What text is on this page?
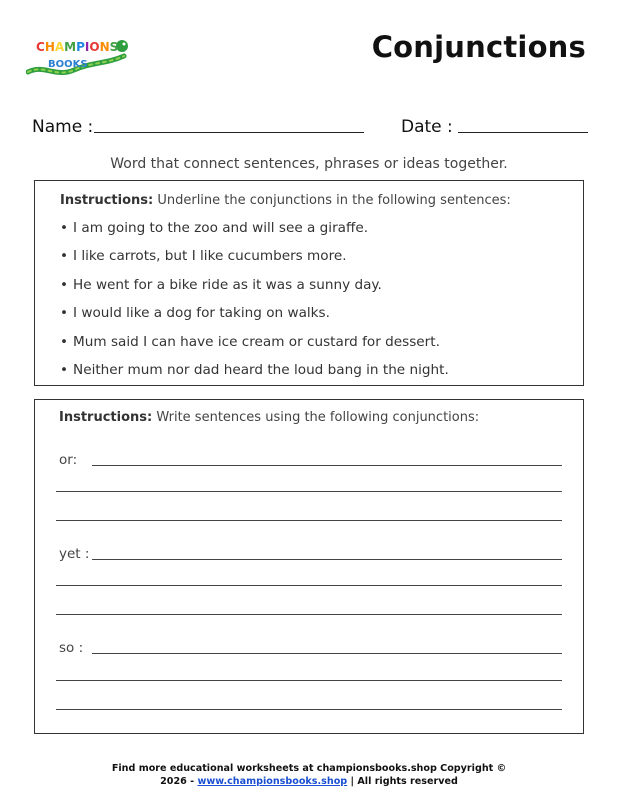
CHAMPIONS
BOOKS
Conjunctions
Name :	Date :
Word that connect sentences, phrases or ideas together.
Instructions: Underline the conjunctions in the following sentences:
• I am going to the zoo and will see a giraffe.
• I like carrots, but I like cucumbers more.
• He went for a bike ride as it was a sunny day.
• I would like a dog for taking on walks.
• Mum said I can have ice cream or custard for dessert.
• Neither mum nor dad heard the loud bang in the night.
Instructions: Write sentences using the following conjunctions:
or:
yet :
so :
Find more educational worksheets at championsbooks.shop Copyright ©
2026 - www.championsbooks.shop | All rights reserved
